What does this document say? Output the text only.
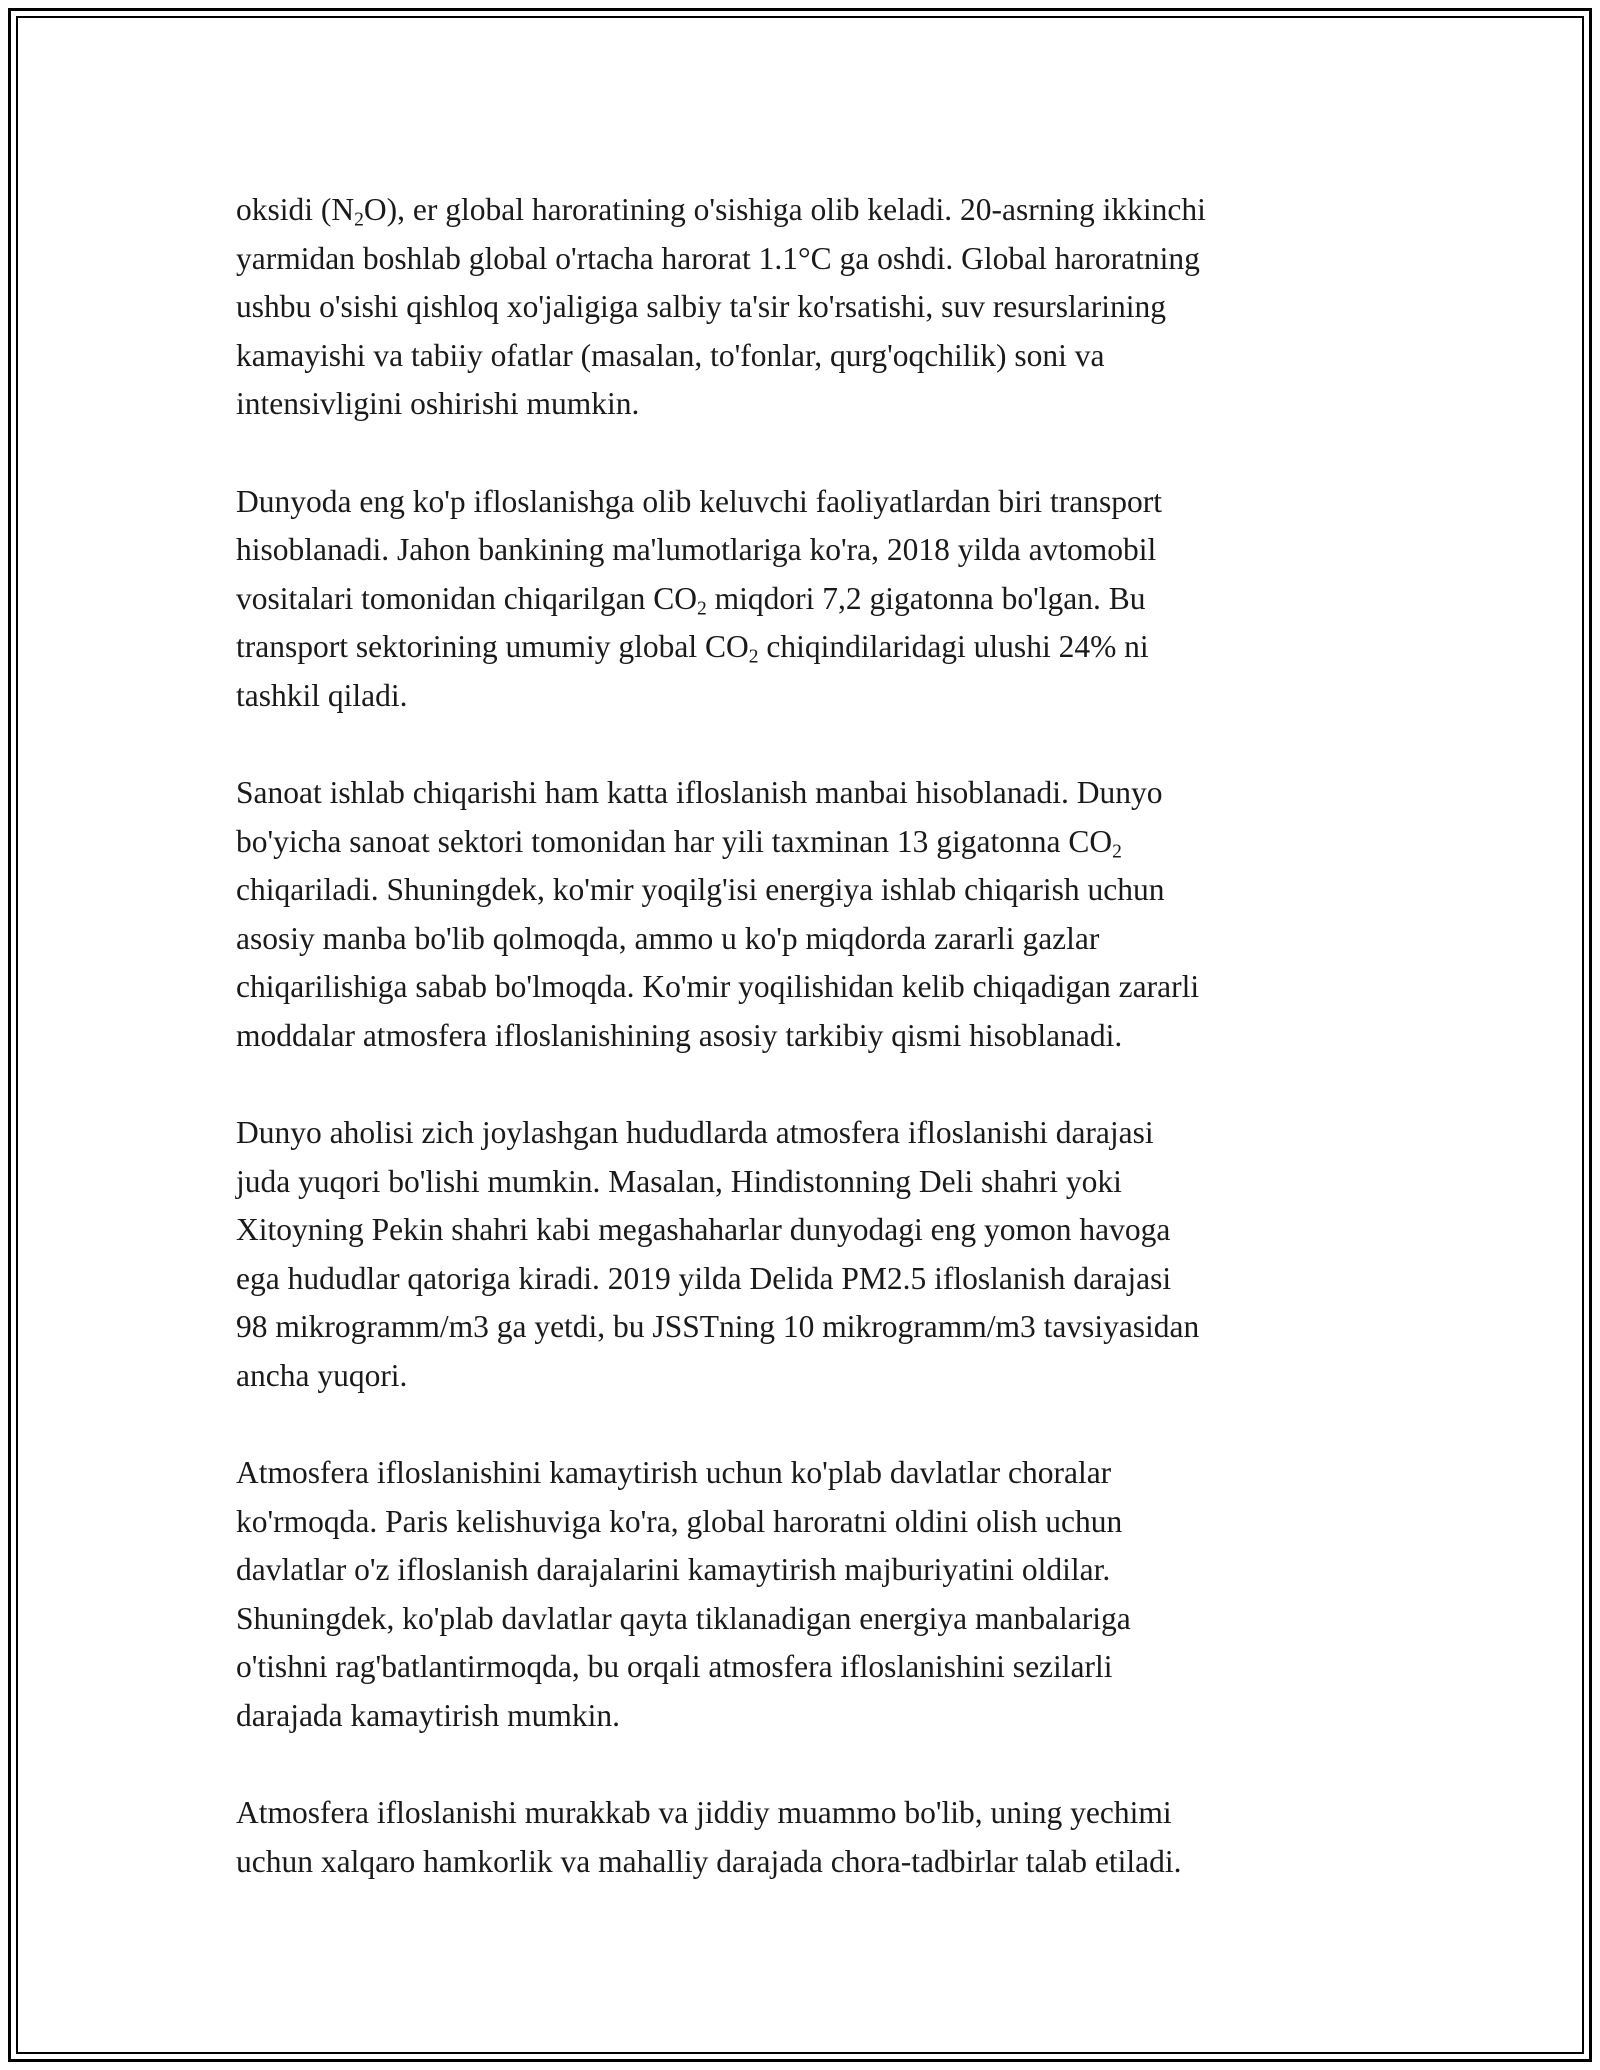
oksidi $(N_2O)$, er global haroratining o'sishiga olib keladi. 20-asrning ikkinchi
yarmidan boshlab global o'rtacha harorat 1.1°C ga oshdi. Global haroratning
ushbu o'sishi qishloq xo'jaligiga salbiy ta'sir ko'rsatishi, suv resurslarining
kamayishi va tabiiy ofatlar (masalan, to'fonlar, qurg'oqchilik) soni va
intensivligini oshirishi mumkin.

Dunyoda eng ko'p ifloslanishga olib keluvchi faoliyatlardan biri transport
hisoblanadi. Jahon bankining ma'lumotlariga ko'ra, 2018 yilda avtomobil
vositalari tomonidan chiqarilgan $CO_2$ miqdori 7,2 gigatonna bo'lgan. Bu
transport sektorining umumiy global $CO_2$ chiqindilaridagi ulushi 24% ni
tashkil qiladi.

Sanoat ishlab chiqarishi ham katta ifloslanish manbai hisoblanadi. Dunyo
bo'yicha sanoat sektori tomonidan har yili taxminan 13 gigatonna $CO_2$
chiqariladi. Shuningdek, ko'mir yoqilg'isi energiya ishlab chiqarish uchun
asosiy manba bo'lib qolmoqda, ammo u ko'p miqdorda zararli gazlar
chiqarilishiga sabab bo'lmoqda. Ko'mir yoqilishidan kelib chiqadigan zararli
moddalar atmosfera ifloslanishining asosiy tarkibiy qismi hisoblanadi.

Dunyo aholisi zich joylashgan hududlarda atmosfera ifloslanishi darajasi
juda yuqori bo'lishi mumkin. Masalan, Hindistonning Deli shahri yoki
Xitoyning Pekin shahri kabi megashaharlar dunyodagi eng yomon havoga
ega hududlar qatoriga kiradi. 2019 yilda Delida PM2.5 ifloslanish darajasi
98 mikrogramm/m3 ga yetdi, bu JSSTning 10 mikrogramm/m3 tavsiyasidan
ancha yuqori.

Atmosfera ifloslanishini kamaytirish uchun ko'plab davlatlar choralar
ko'rmoqda. Paris kelishuviga ko'ra, global haroratni oldini olish uchun
davlatlar o'z ifloslanish darajalarini kamaytirish majburiyatini oldilar.
Shuningdek, ko'plab davlatlar qayta tiklanadigan energiya manbalariga
o'tishni rag'batlantirmoqda, bu orqali atmosfera ifloslanishini sezilarli
darajada kamaytirish mumkin.

Atmosfera ifloslanishi murakkab va jiddiy muammo bo'lib, uning yechimi
uchun xalqaro hamkorlik va mahalliy darajada chora-tadbirlar talab etiladi.
